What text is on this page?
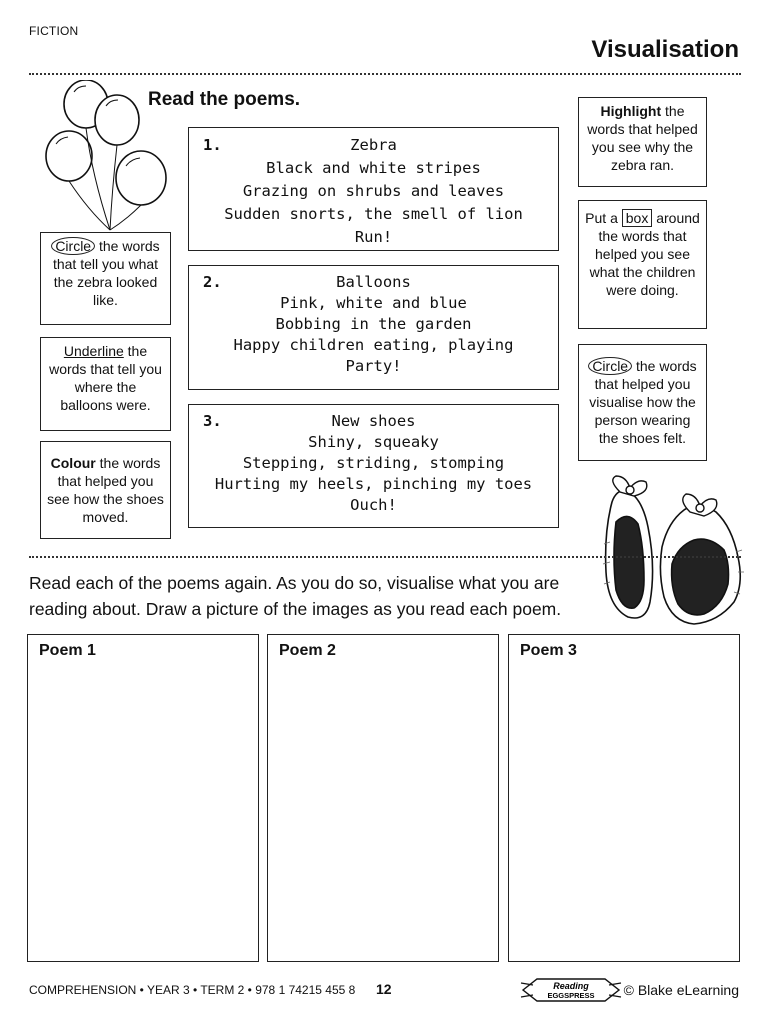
FICTION
Visualisation
Read the poems.
Circle the words that tell you what the zebra looked like.
Underline the words that tell you where the balloons were.
Colour the words that helped you see how the shoes moved.
1.	Zebra
Black and white stripes
Grazing on shrubs and leaves
Sudden snorts, the smell of lion
Run!
2.	Balloons
Pink, white and blue
Bobbing in the garden
Happy children eating, playing
Party!
3.	New shoes
Shiny, squeaky
Stepping, striding, stomping
Hurting my heels, pinching my toes
Ouch!
Highlight the words that helped you see why the zebra ran.
Put a box around the words that helped you see what the children were doing.
Circle the words that helped you visualise how the person wearing the shoes felt.
Read each of the poems again. As you do so, visualise what you are reading about. Draw a picture of the images as you read each poem.
Poem 1	Poem 2	Poem 3
COMPREHENSION • YEAR 3 • TERM 2 • 978 1 74215 455 8 12	Reading
EGGSPRESS © Blake eLearning
